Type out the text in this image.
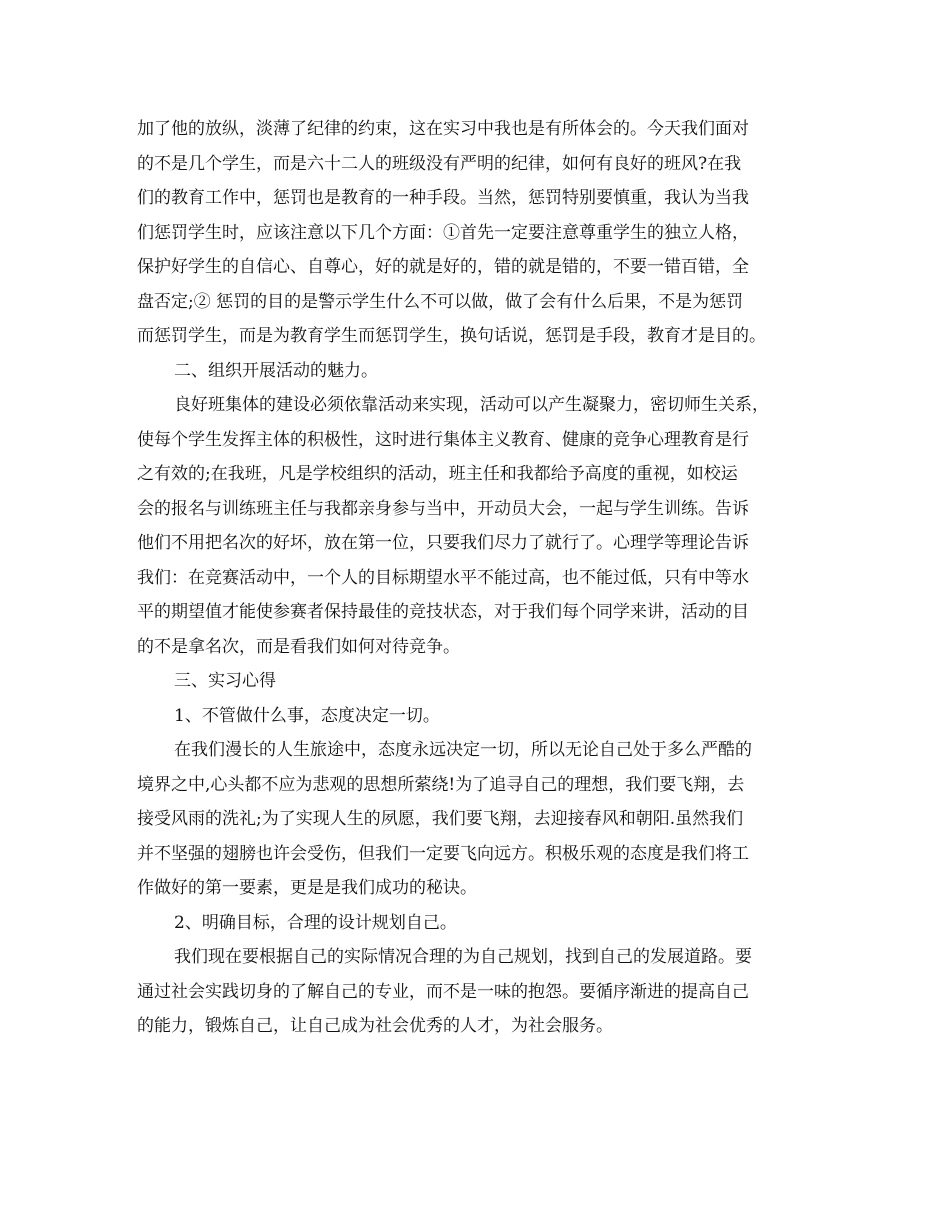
加了他的放纵，淡薄了纪律的约束，这在实习中我也是有所体会的。今天我们面对
的不是几个学生，而是六十二人的班级没有严明的纪律，如何有良好的班风?在我
们的教育工作中，惩罚也是教育的一种手段。当然，惩罚特别要慎重，我认为当我
们惩罚学生时，应该注意以下几个方面：①首先一定要注意尊重学生的独立人格，
保护好学生的自信心、自尊心，好的就是好的，错的就是错的，不要一错百错，全
盘否定;② 惩罚的目的是警示学生什么不可以做，做了会有什么后果，不是为惩罚
而惩罚学生，而是为教育学生而惩罚学生，换句话说，惩罚是手段，教育才是目的。
二、组织开展活动的魅力。
良好班集体的建设必须依靠活动来实现，活动可以产生凝聚力，密切师生关系，
使每个学生发挥主体的积极性，这时进行集体主义教育、健康的竞争心理教育是行
之有效的;在我班，凡是学校组织的活动，班主任和我都给予高度的重视，如校运
会的报名与训练班主任与我都亲身参与当中，开动员大会，一起与学生训练。告诉
他们不用把名次的好坏，放在第一位，只要我们尽力了就行了。心理学等理论告诉
我们：在竞赛活动中，一个人的目标期望水平不能过高，也不能过低，只有中等水
平的期望值才能使参赛者保持最佳的竞技状态，对于我们每个同学来讲，活动的目
的不是拿名次，而是看我们如何对待竞争。
三、实习心得
1、不管做什么事，态度决定一切。
在我们漫长的人生旅途中，态度永远决定一切，所以无论自己处于多么严酷的
境界之中,心头都不应为悲观的思想所萦绕!为了追寻自己的理想，我们要飞翔，去
接受风雨的洗礼;为了实现人生的夙愿，我们要飞翔，去迎接春风和朝阳.虽然我们
并不坚强的翅膀也许会受伤，但我们一定要飞向远方。积极乐观的态度是我们将工
作做好的第一要素，更是是我们成功的秘诀。
2、明确目标，合理的设计规划自己。
我们现在要根据自己的实际情况合理的为自己规划，找到自己的发展道路。要
通过社会实践切身的了解自己的专业，而不是一味的抱怨。要循序渐进的提高自己
的能力，锻炼自己，让自己成为社会优秀的人才，为社会服务。
